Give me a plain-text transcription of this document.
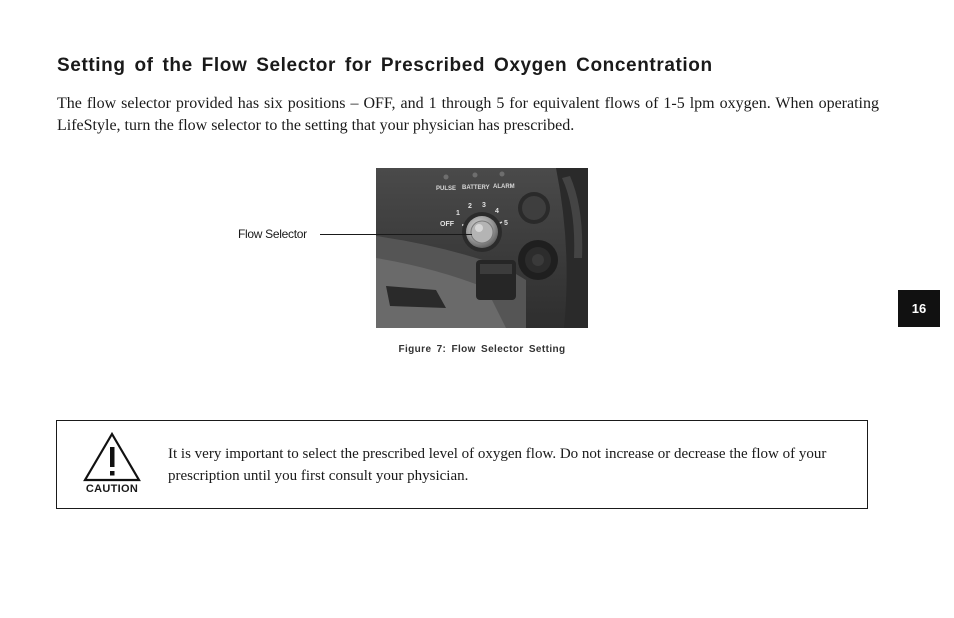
Setting of the Flow Selector for Prescribed Oxygen Concentration

The flow selector provided has six positions – OFF, and 1 through 5 for equivalent flows of 1-5 lpm oxygen. When operating LifeStyle, turn the flow selector to the setting that your physician has prescribed.

PULSE BATTERY ALARM
OFF
1
2 3
4
5
Flow Selector
Figure 7: Flow Selector Setting
16
CAUTION

It is very important to select the prescribed level of oxygen flow. Do not increase or decrease the flow of your prescription until you first consult your physician.
